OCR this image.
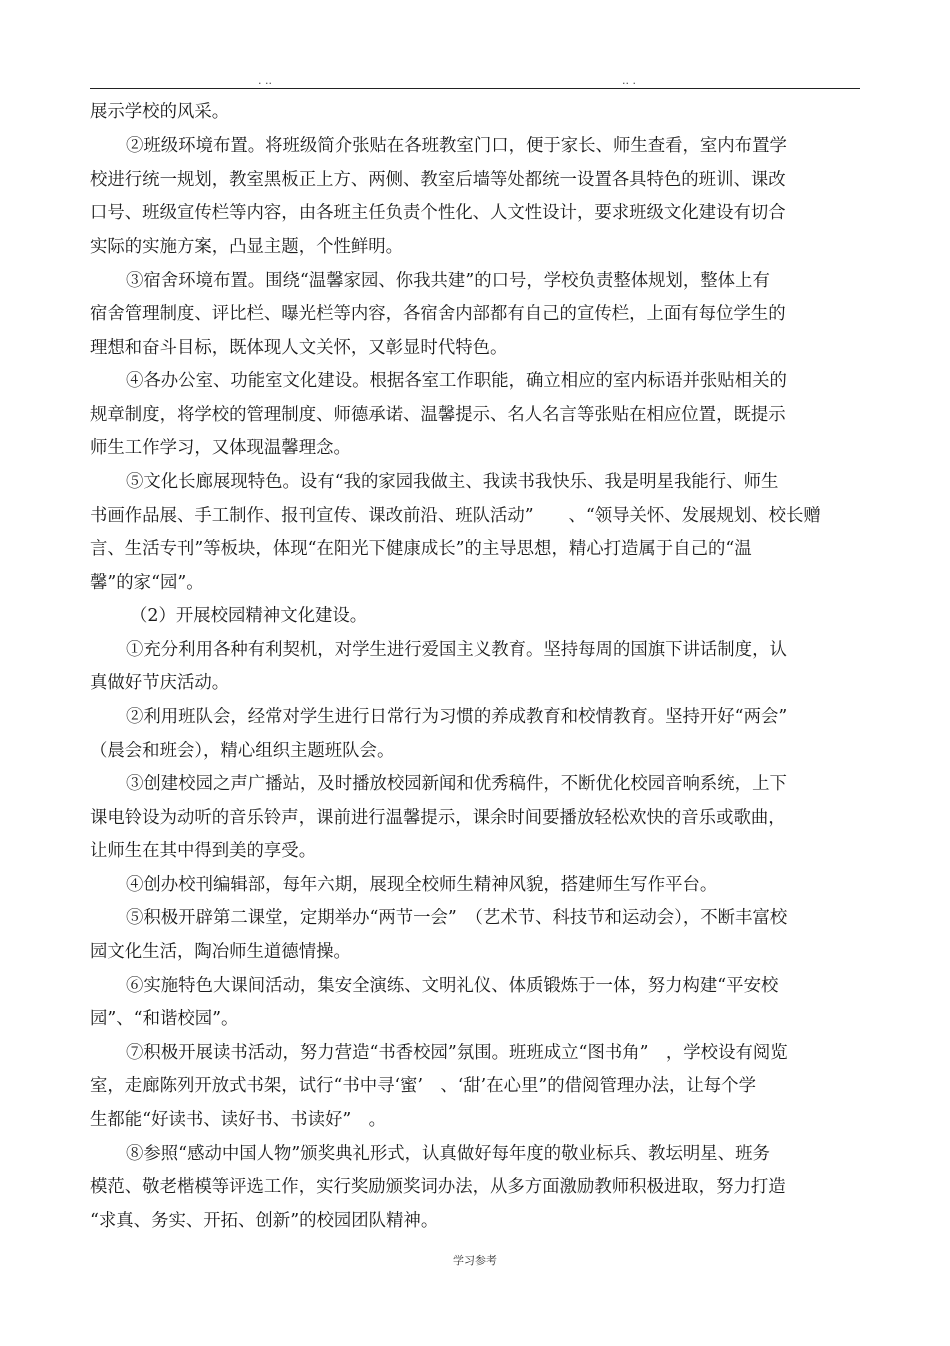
. ..	.. .

展示学校的风采。

②班级环境布置。将班级简介张贴在各班教室门口，便于家长、师生查看，室内布置学

校进行统一规划，教室黑板正上方、两侧、教室后墙等处都统一设置各具特色的班训、课改

口号、班级宣传栏等内容，由各班主任负责个性化、人文性设计，要求班级文化建设有切合

实际的实施方案，凸显主题，个性鲜明。

③宿舍环境布置。围绕“温馨家园、你我共建”的口号，学校负责整体规划，整体上有

宿舍管理制度、评比栏、曝光栏等内容，各宿舍内部都有自己的宣传栏，上面有每位学生的

理想和奋斗目标，既体现人文关怀，又彰显时代特色。

④各办公室、功能室文化建设。根据各室工作职能，确立相应的室内标语并张贴相关的

规章制度，将学校的管理制度、师德承诺、温馨提示、名人名言等张贴在相应位置，既提示

师生工作学习，又体现温馨理念。

⑤文化长廊展现特色。设有“我的家园我做主、我读书我快乐、我是明星我能行、师生

书画作品展、手工制作、报刊宣传、课改前沿、班队活动”　　、“领导关怀、发展规划、校长赠

言、生活专刊”等板块，体现“在阳光下健康成长”的主导思想，精心打造属于自己的“温

馨”的家“园”。

（2）开展校园精神文化建设。

①充分利用各种有利契机，对学生进行爱国主义教育。坚持每周的国旗下讲话制度，认

真做好节庆活动。

②利用班队会，经常对学生进行日常行为习惯的养成教育和校情教育。坚持开好“两会”

（晨会和班会），精心组织主题班队会。

③创建校园之声广播站，及时播放校园新闻和优秀稿件，不断优化校园音响系统，上下

课电铃设为动听的音乐铃声，课前进行温馨提示，课余时间要播放轻松欢快的音乐或歌曲，

让师生在其中得到美的享受。

④创办校刊编辑部，每年六期，展现全校师生精神风貌，搭建师生写作平台。

⑤积极开辟第二课堂，定期举办“两节一会”　（艺术节、科技节和运动会），不断丰富校

园文化生活，陶冶师生道德情操。

⑥实施特色大课间活动，集安全演练、文明礼仪、体质锻炼于一体，努力构建“平安校

园”、“和谐校园”。

⑦积极开展读书活动，努力营造“书香校园”氛围。班班成立“图书角”　，学校设有阅览

室，走廊陈列开放式书架，试行“书中寻‘蜜’　、‘甜’在心里”的借阅管理办法，让每个学

生都能“好读书、读好书、书读好”　。

⑧参照“感动中国人物”颁奖典礼形式，认真做好每年度的敬业标兵、教坛明星、班务

模范、敬老楷模等评选工作，实行奖励颁奖词办法，从多方面激励教师积极进取，努力打造

“求真、务实、开拓、创新”的校园团队精神。

学习参考
